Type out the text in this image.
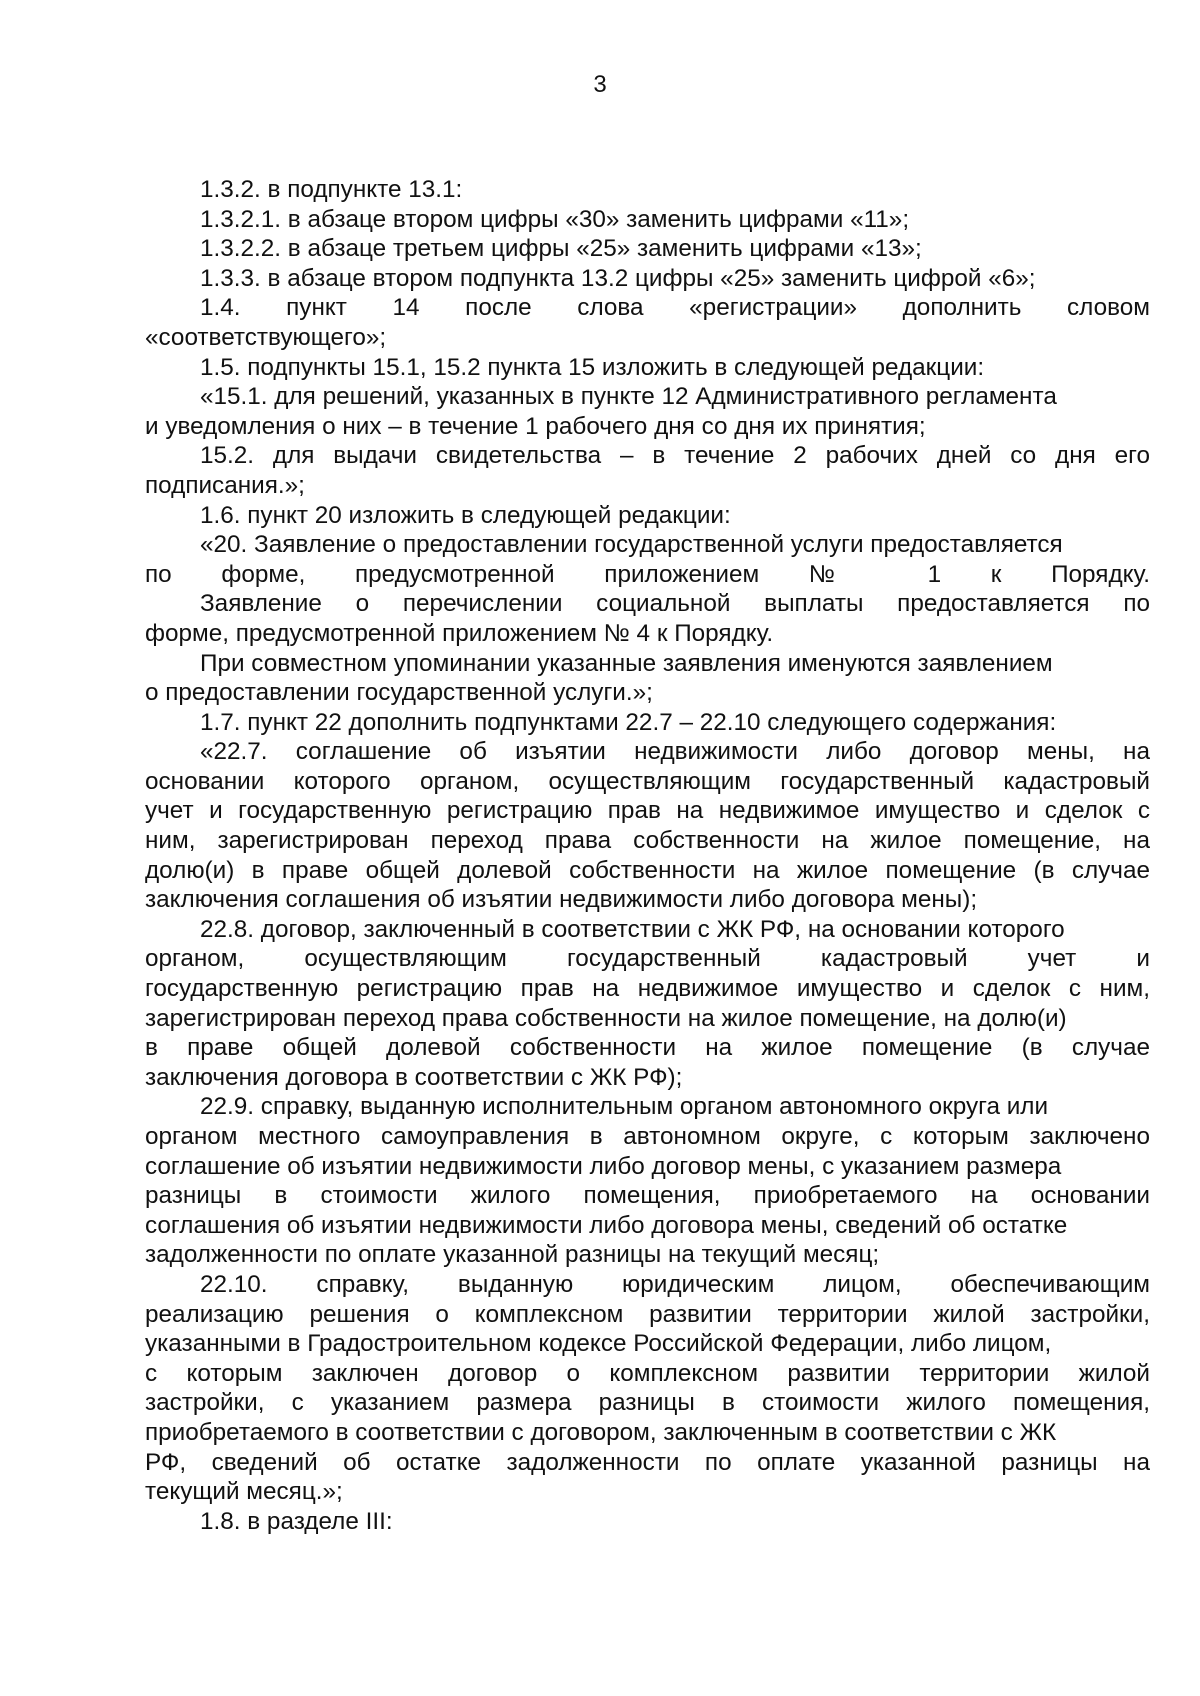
3
1.3.2. в подпункте 13.1:
1.3.2.1. в абзаце втором цифры «30» заменить цифрами «11»;
1.3.2.2. в абзаце третьем цифры «25» заменить цифрами «13»;
1.3.3. в абзаце втором подпункта 13.2 цифры «25» заменить цифрой «6»;
1.4. пункт 14 после слова «регистрации» дополнить словом
«соответствующего»;
1.5. подпункты 15.1, 15.2 пункта 15 изложить в следующей редакции:
«15.1. для решений, указанных в пункте 12 Административного регламента
и уведомления о них – в течение 1 рабочего дня со дня их принятия;
15.2. для выдачи свидетельства – в течение 2 рабочих дней со дня его
подписания.»;
1.6. пункт 20 изложить в следующей редакции:
«20. Заявление о предоставлении государственной услуги предоставляется
по форме, предусмотренной приложением № 1 к Порядку.
Заявление о перечислении социальной выплаты предоставляется по
форме, предусмотренной приложением № 4 к Порядку.
При совместном упоминании указанные заявления именуются заявлением
о предоставлении государственной услуги.»;
1.7. пункт 22 дополнить подпунктами 22.7 – 22.10 следующего содержания:
«22.7. соглашение об изъятии недвижимости либо договор мены, на
основании которого органом, осуществляющим государственный кадастровый
учет и государственную регистрацию прав на недвижимое имущество и сделок с
ним, зарегистрирован переход права собственности на жилое помещение, на
долю(и) в праве общей долевой собственности на жилое помещение (в случае
заключения соглашения об изъятии недвижимости либо договора мены);
22.8. договор, заключенный в соответствии с ЖК РФ, на основании которого
органом, осуществляющим государственный кадастровый учет и
государственную регистрацию прав на недвижимое имущество и сделок с ним,
зарегистрирован переход права собственности на жилое помещение, на долю(и)
в праве общей долевой собственности на жилое помещение (в случае
заключения договора в соответствии с ЖК РФ);
22.9. справку, выданную исполнительным органом автономного округа или
органом местного самоуправления в автономном округе, с которым заключено
соглашение об изъятии недвижимости либо договор мены, с указанием размера
разницы в стоимости жилого помещения, приобретаемого на основании
соглашения об изъятии недвижимости либо договора мены, сведений об остатке
задолженности по оплате указанной разницы на текущий месяц;
22.10. справку, выданную юридическим лицом, обеспечивающим
реализацию решения о комплексном развитии территории жилой застройки,
указанными в Градостроительном кодексе Российской Федерации, либо лицом,
с которым заключен договор о комплексном развитии территории жилой
застройки, с указанием размера разницы в стоимости жилого помещения,
приобретаемого в соответствии с договором, заключенным в соответствии с ЖК
РФ, сведений об остатке задолженности по оплате указанной разницы на
текущий месяц.»;
1.8. в разделе III:
